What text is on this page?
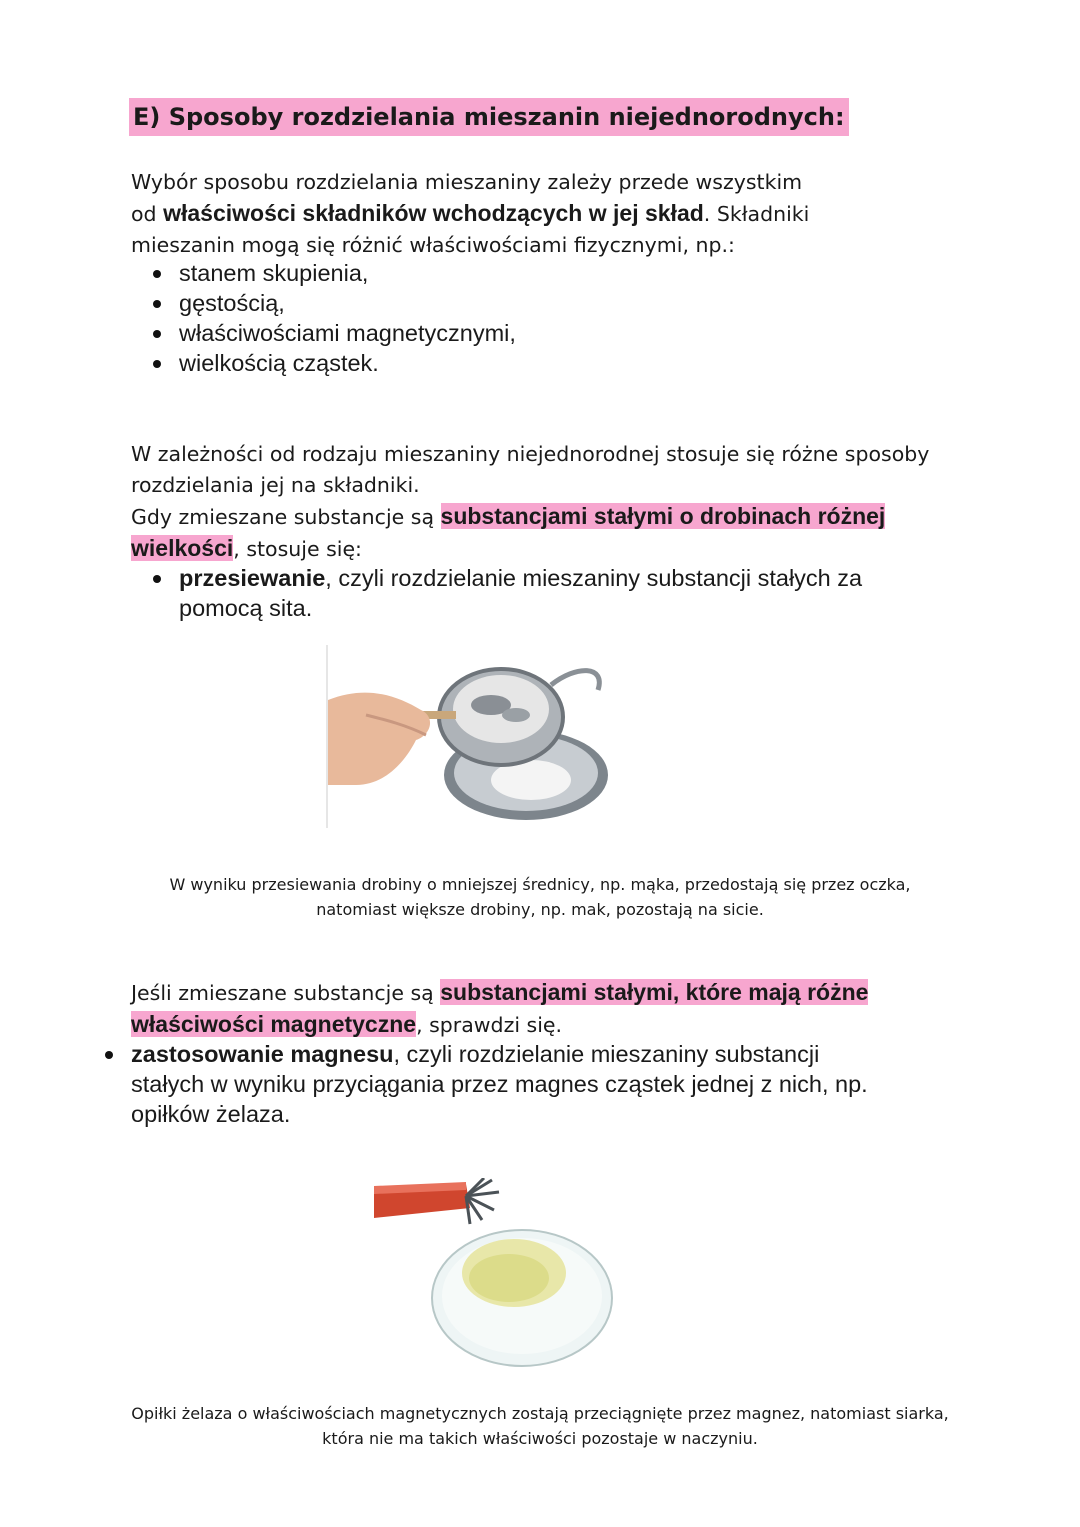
E) Sposoby rozdzielania mieszanin niejednorodnych:
Wybór sposobu rozdzielania mieszaniny zależy przede wszystkim
od właściwości składników wchodzących w jej skład. Składniki
mieszanin mogą się różnić właściwościami fizycznymi, np.:
stanem skupienia,
gęstością,
właściwościami magnetycznymi,
wielkością cząstek.
W zależności od rodzaju mieszaniny niejednorodnej stosuje się różne sposoby
rozdzielania jej na składniki.
Gdy zmieszane substancje są substancjami stałymi o drobinach różnej
wielkości, stosuje się:
przesiewanie, czyli rozdzielanie mieszaniny substancji stałych za
pomocą sita.
W wyniku przesiewania drobiny o mniejszej średnicy, np. mąka, przedostają się przez oczka,
natomiast większe drobiny, np. mak, pozostają na sicie.
Jeśli zmieszane substancje są substancjami stałymi, które mają różne
właściwości magnetyczne, sprawdzi się.
zastosowanie magnesu, czyli rozdzielanie mieszaniny substancji
stałych w wyniku przyciągania przez magnes cząstek jednej z nich, np.
opiłków żelaza.
Opiłki żelaza o właściwościach magnetycznych zostają przeciągnięte przez magnez, natomiast siarka,
która nie ma takich właściwości pozostaje w naczyniu.
